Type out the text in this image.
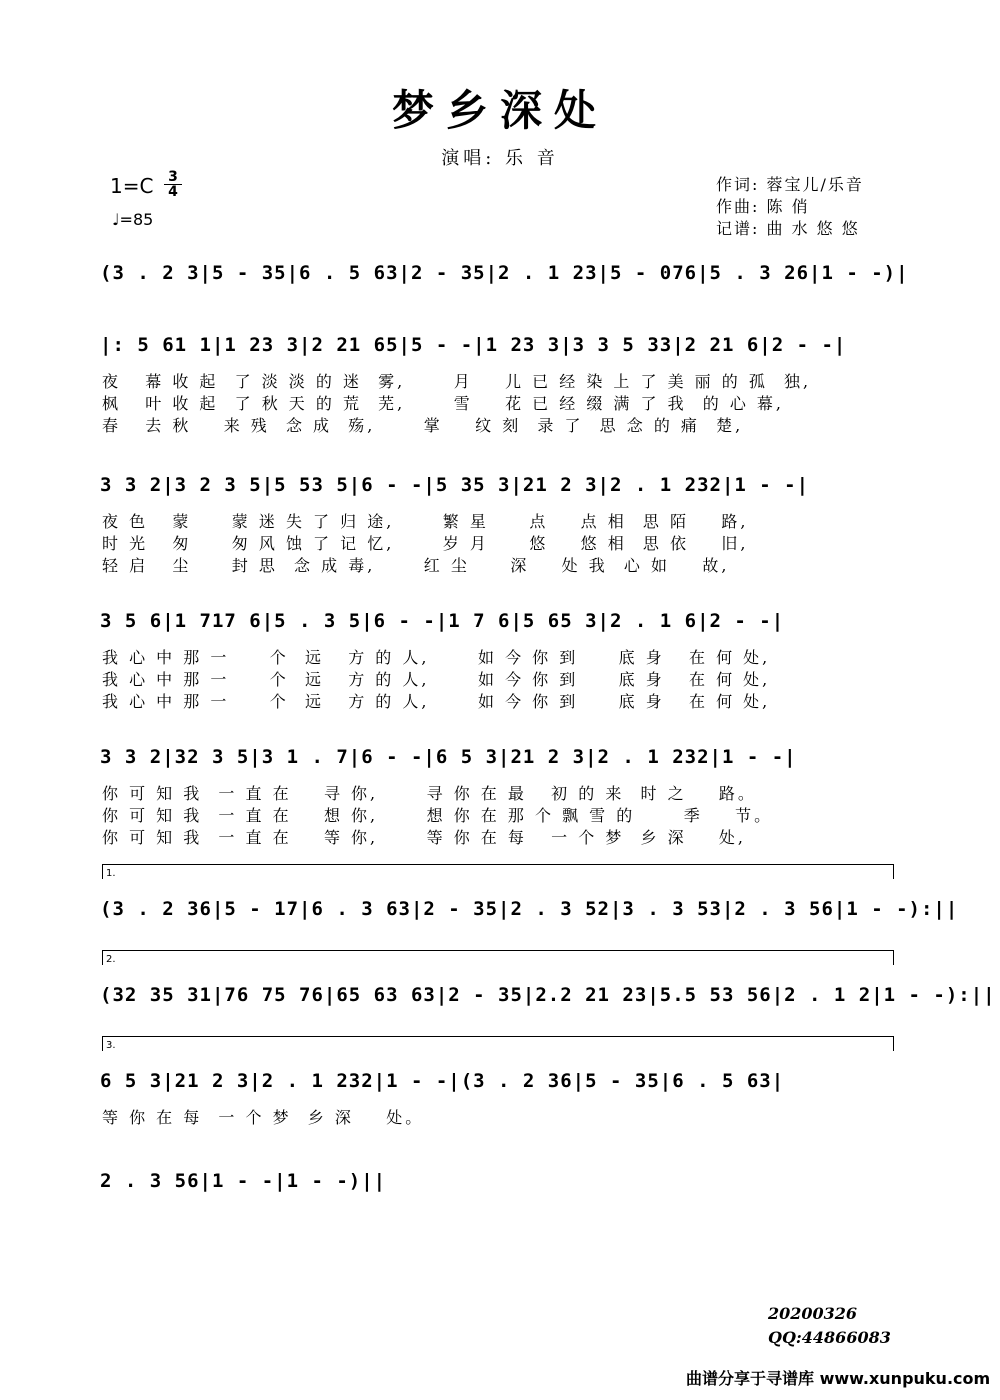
梦乡深处
演唱: 乐 音
$1=C \frac{3}{4}$
♩=85
作词: 蓉宝儿/乐音
作曲: 陈 俏
记谱: 曲 水 悠 悠
(3 . 2 3|5 - 35|6 . 5 63|2 - 35|2 . 1 23|5 - 076|5 . 3 26|1 - -)|
|: 5 61 1|1 23 3|2 21 65|5 - -|1 23 3|3 3 5 33|2 21 6|2 - -|
夜   幕 收 起  了 淡 淡 的 迷  雾,      月    儿 已 经 染 上 了 美 丽 的 孤  独,
枫   叶 收 起  了 秋 天 的 荒  芜,      雪    花 已 经 缀 满 了 我  的 心 幕,
春   去 秋    来 残  念 成  殇,      掌    纹 刻  录 了  思 念 的 痛  楚,
3 3 2|3 2 3 5|5 53 5|6 - -|5 35 3|21 2 3|2 . 1 232|1 - -|
夜 色   蒙     蒙 迷 失 了 归 途,      繁 星     点    点 相  思 陌    路,
时 光   匆     匆 风 蚀 了 记 忆,      岁 月     悠    悠 相  思 依    旧,
轻 启   尘     封 思  念 成 毒,      红 尘     深    处 我  心 如    故,
3 5 6|1 717 6|5 . 3 5|6 - -|1 7 6|5 65 3|2 . 1 6|2 - -|
我 心 中 那 一     个  远   方 的 人,      如 今 你 到     底 身   在 何 处,
我 心 中 那 一     个  远   方 的 人,      如 今 你 到     底 身   在 何 处,
我 心 中 那 一     个  远   方 的 人,      如 今 你 到     底 身   在 何 处,
3 3 2|32 3 5|3 1 . 7|6 - -|6 5 3|21 2 3|2 . 1 232|1 - -|
你 可 知 我  一 直 在    寻 你,      寻 你 在 最   初 的 来  时 之    路。
你 可 知 我  一 直 在    想 你,      想 你 在 那 个 飘 雪 的      季    节。
你 可 知 我  一 直 在    等 你,      等 你 在 每   一 个 梦  乡 深    处,
1.
(3 . 2 36|5 - 17|6 . 3 63|2 - 35|2 . 3 52|3 . 3 53|2 . 3 56|1 - -):||
2.
(32 35 31|76 75 76|65 63 63|2 - 35|2.2 21 23|5.5 53 56|2 . 1 2|1 - -):||
3.
6 5 3|21 2 3|2 . 1 232|1 - -|(3 . 2 36|5 - 35|6 . 5 63|
等 你 在 每  一 个 梦  乡 深    处。
2 . 3 56|1 - -|1 - -)||
20200326
QQ:44866083
曲谱分享于寻谱库 www.xunpuku.com
